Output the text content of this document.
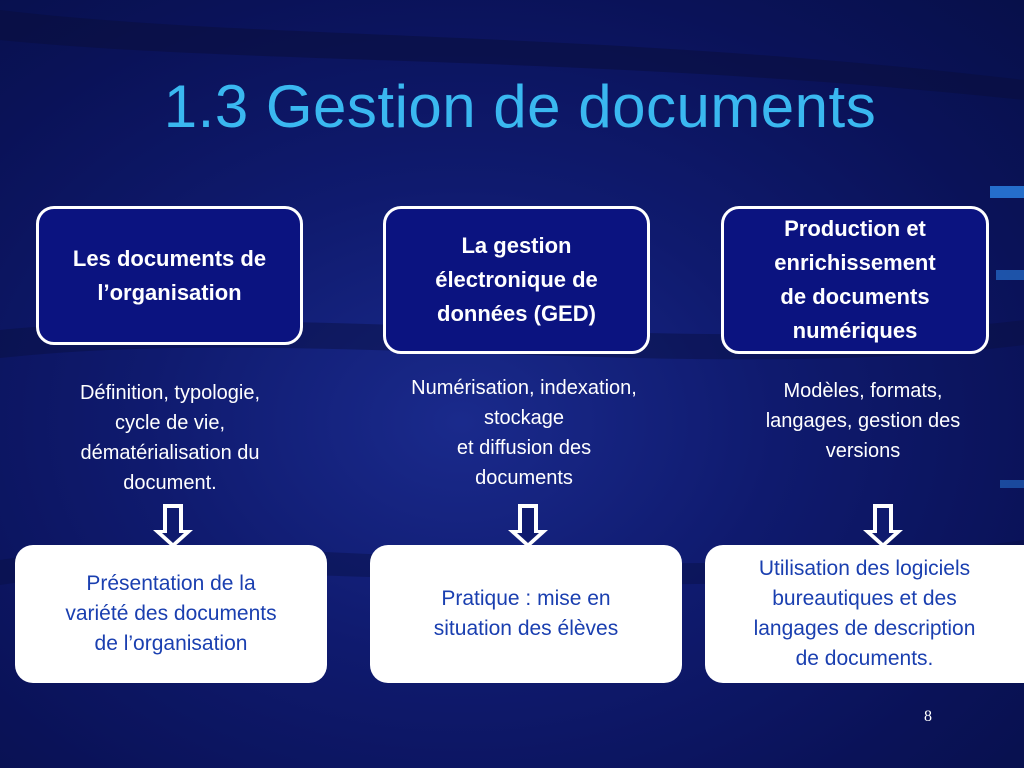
1.3 Gestion de documents
Les documents de
l’organisation
Définition, typologie,
cycle de vie,
dématérialisation du
document.
Présentation de la
variété des documents
de l’organisation
La gestion
électronique de
données (GED)
Numérisation, indexation,
stockage
et diffusion des
documents
Pratique : mise en
situation des élèves
Production et
enrichissement
de documents
numériques
Modèles, formats,
langages, gestion des
versions
Utilisation des logiciels
bureautiques et des
langages de description
de documents.
8
